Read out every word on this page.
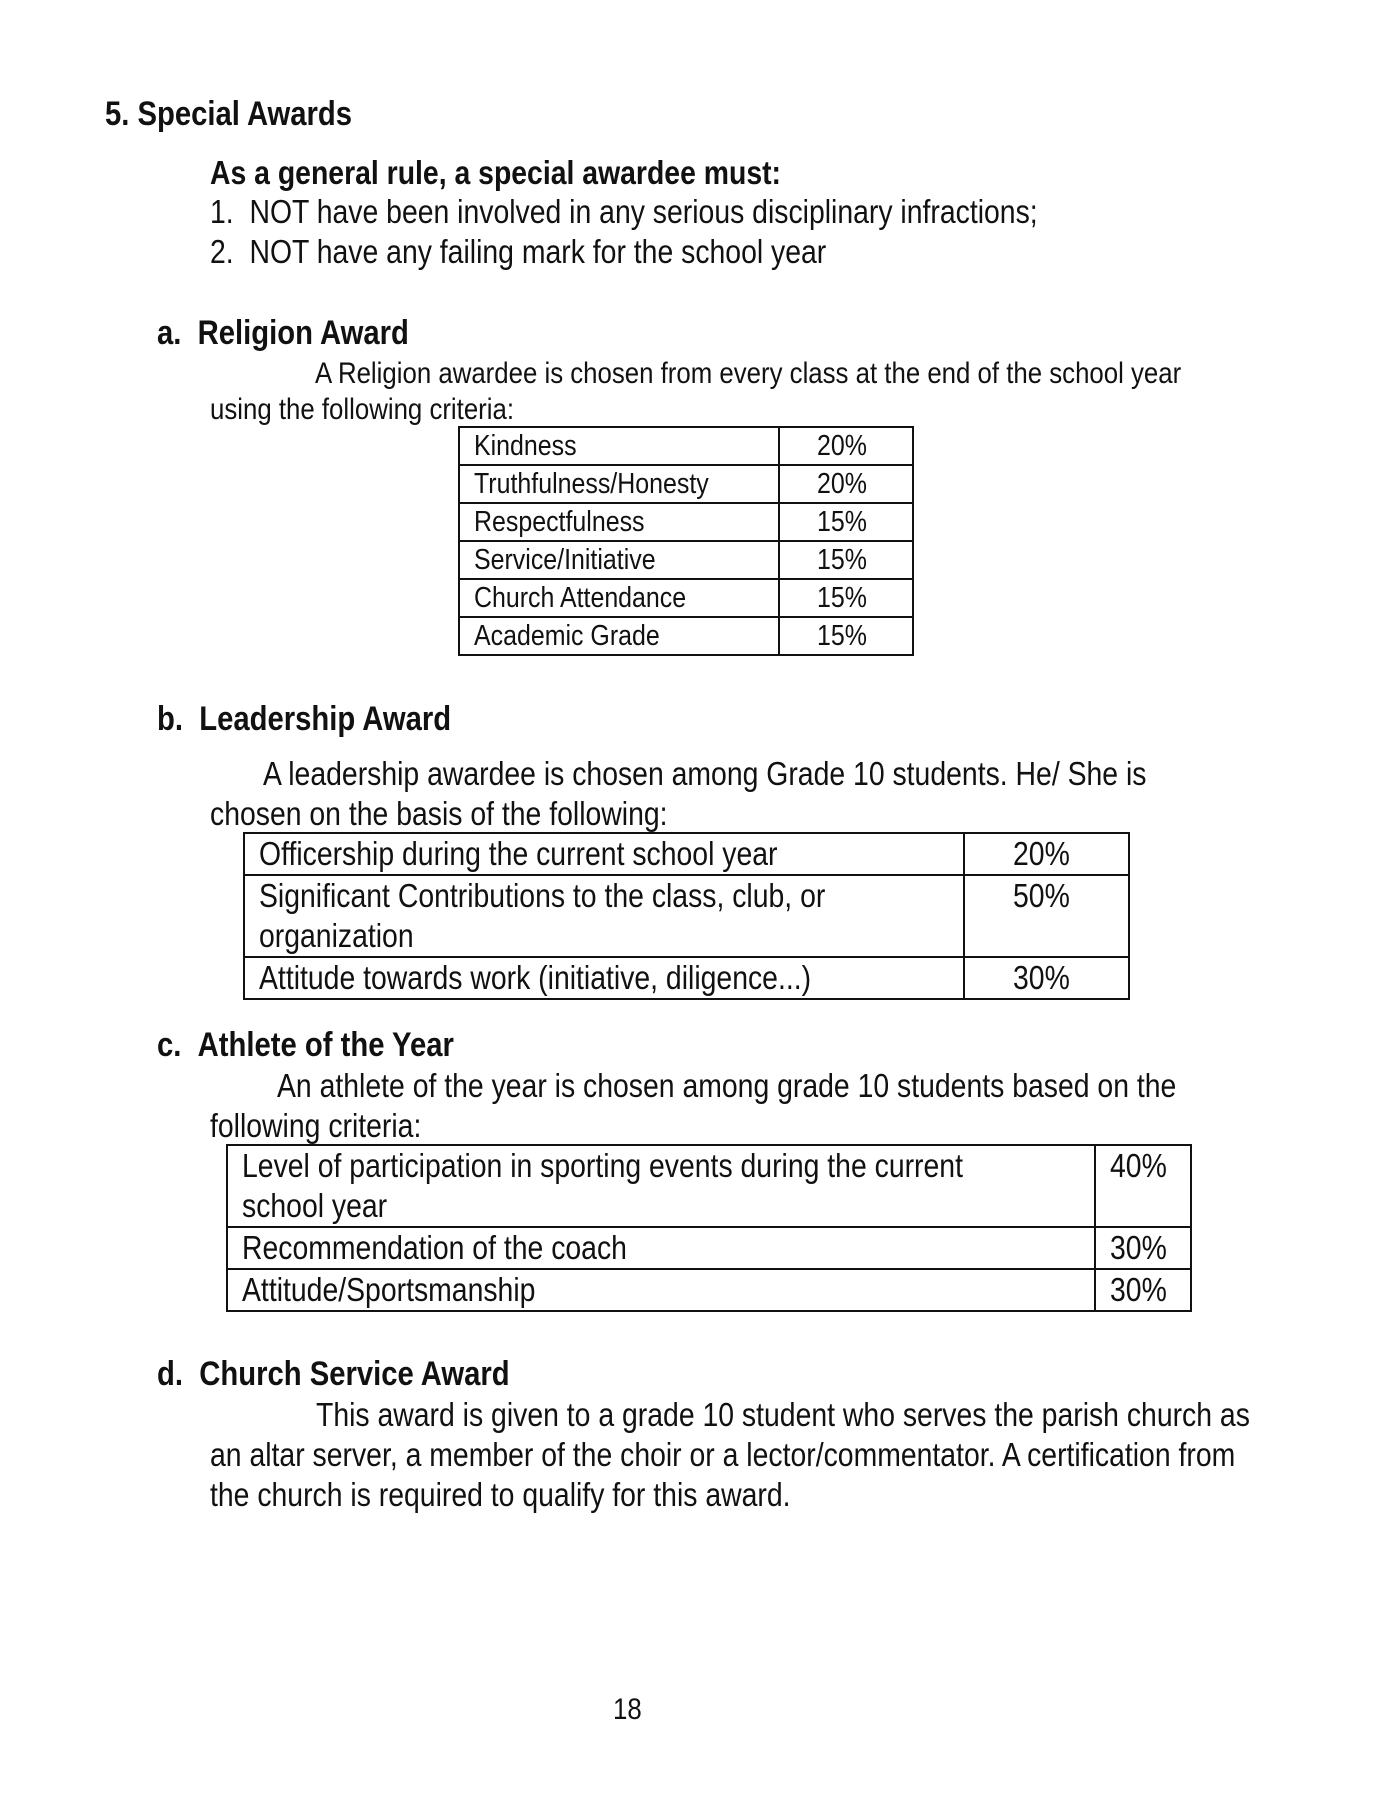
5. Special Awards
As a general rule, a special awardee must:
1. NOT have been involved in any serious disciplinary infractions;
2. NOT have any failing mark for the school year
a. Religion Award
A Religion awardee is chosen from every class at the end of the school year
using the following criteria:
Kindness	20%
Truthfulness/Honesty	20%
Respectfulness	15%
Service/Initiative	15%
Church Attendance	15%
Academic Grade	15%
b. Leadership Award
A leadership awardee is chosen among Grade 10 students. He/ She is
chosen on the basis of the following:
Officership during the current school year	20%
Significant Contributions to the class, club, or
organization	50%
Attitude towards work (initiative, diligence...)	30%
c. Athlete of the Year
An athlete of the year is chosen among grade 10 students based on the
following criteria:
Level of participation in sporting events during the current
school year	40%
Recommendation of the coach	30%
Attitude/Sportsmanship	30%
d. Church Service Award
This award is given to a grade 10 student who serves the parish church as
an altar server, a member of the choir or a lector/commentator. A certification from
the church is required to qualify for this award.
18
